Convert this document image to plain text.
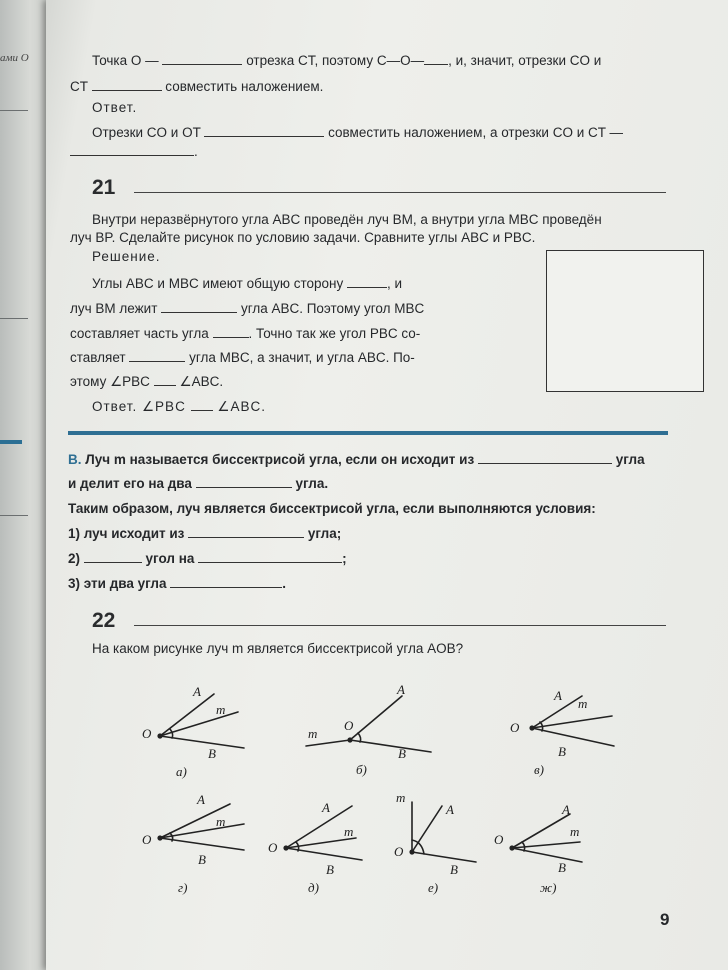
ами О	Точка O —	отрезка CT, поэтому C—O— , и, значит, отрезки CO и
CT	совместить наложением.
Ответ.
Отрезки CO и OT	совместить наложением, а отрезки CO и CT —
.
21
Внутри неразвёрнутого угла ABC проведён луч BM, а внутри угла MBC проведён
луч BP. Сделайте рисунок по условию задачи. Сравните углы ABC и PBC.
Решение.
Углы ABC и MBC имеют общую сторону	, и
луч BM лежит	угла ABC. Поэтому угол MBC
составляет часть угла	. Точно так же угол PBC со-
ставляет	угла MBC, а значит, и угла ABC. По-
этому ∠PBC ∠ABC.
Ответ. ∠PBC ∠ABC.
В. Луч m называется биссектрисой угла, если он исходит из	угла
и делит его на два	угла.
Таким образом, луч является биссектрисой угла, если выполняются условия:
1) луч исходит из	угла;
2)	угол на	;
3) эти два угла	.
22
На каком рисунке луч m является биссектрисой угла AOB?
A
m
O
B
а)
A
m
O
B
б)
A
m
O
B
в)
A
m
O
B
г)
A
m
O
B
д)
m
A
O
B
е)
A
m
O
B
ж)
9
